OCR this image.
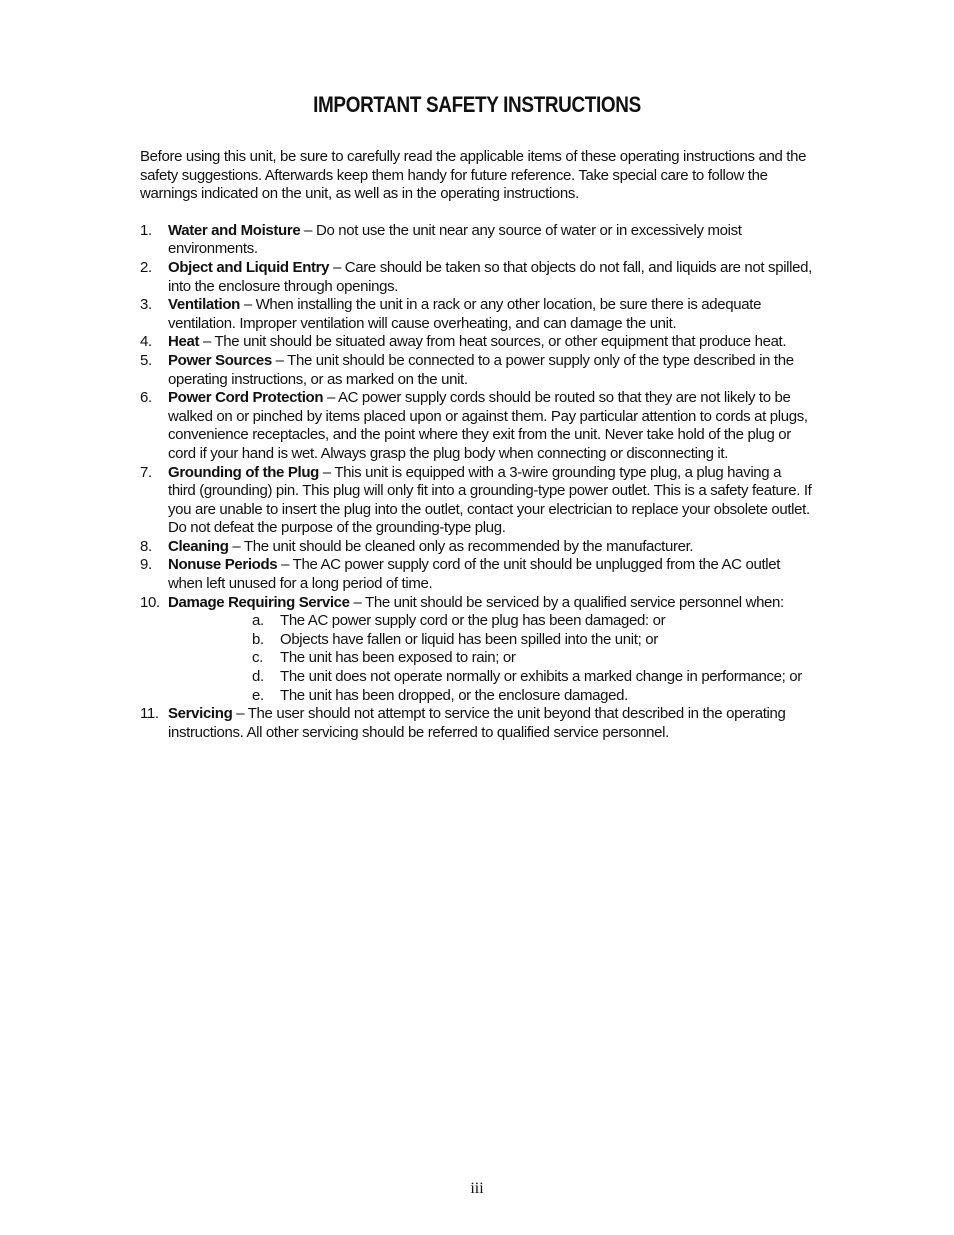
IMPORTANT SAFETY INSTRUCTIONS

Before using this unit, be sure to carefully read the applicable items of these operating instructions and the safety suggestions. Afterwards keep them handy for future reference. Take special care to follow the warnings indicated on the unit, as well as in the operating instructions.

1.	Water and Moisture – Do not use the unit near any source of water or in excessively moist environments.
2.	Object and Liquid Entry – Care should be taken so that objects do not fall, and liquids are not spilled, into the enclosure through openings.
3.	Ventilation – When installing the unit in a rack or any other location, be sure there is adequate ventilation. Improper ventilation will cause overheating, and can damage the unit.
4.	Heat – The unit should be situated away from heat sources, or other equipment that produce heat.
5.	Power Sources – The unit should be connected to a power supply only of the type described in the operating instructions, or as marked on the unit.
6.	Power Cord Protection – AC power supply cords should be routed so that they are not likely to be walked on or pinched by items placed upon or against them. Pay particular attention to cords at plugs, convenience receptacles, and the point where they exit from the unit. Never take hold of the plug or cord if your hand is wet. Always grasp the plug body when connecting or disconnecting it.
7.	Grounding of the Plug – This unit is equipped with a 3-wire grounding type plug, a plug having a third (grounding) pin. This plug will only fit into a grounding-type power outlet. This is a safety feature. If you are unable to insert the plug into the outlet, contact your electrician to replace your obsolete outlet. Do not defeat the purpose of the grounding-type plug.
8.	Cleaning – The unit should be cleaned only as recommended by the manufacturer.
9.	Nonuse Periods – The AC power supply cord of the unit should be unplugged from the AC outlet when left unused for a long period of time.
10. Damage Requiring Service – The unit should be serviced by a qualified service personnel when:
a.	The AC power supply cord or the plug has been damaged: or
b.	Objects have fallen or liquid has been spilled into the unit; or
c.	The unit has been exposed to rain; or
d.	The unit does not operate normally or exhibits a marked change in performance; or
e.	The unit has been dropped, or the enclosure damaged.
11. Servicing – The user should not attempt to service the unit beyond that described in the operating instructions. All other servicing should be referred to qualified service personnel.
iii
